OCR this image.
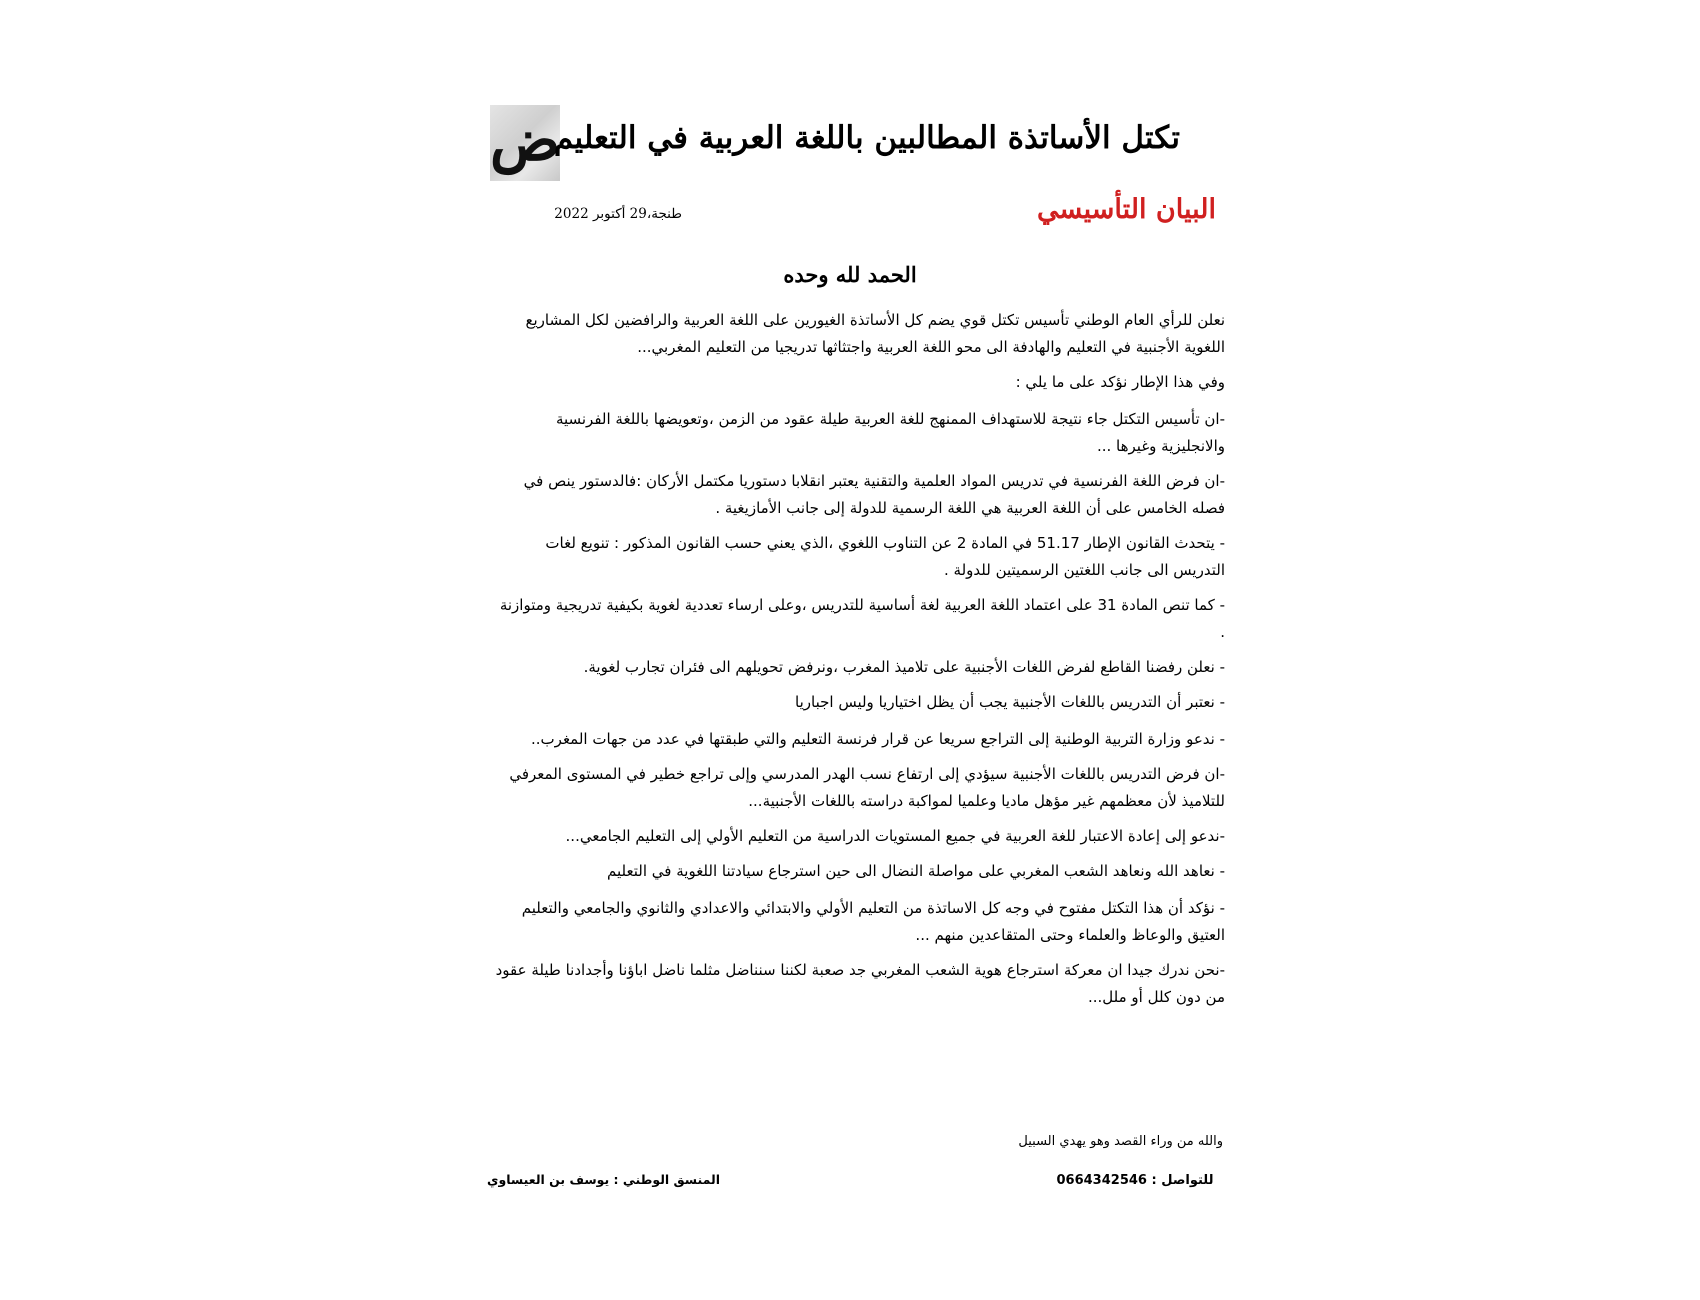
ض
تكتل الأساتذة المطالبين باللغة العربية في التعليم
البيان التأسيسي
طنجة،29 أكتوبر 2022
الحمد لله وحده

نعلن للرأي العام الوطني تأسيس تكتل قوي يضم كل الأساتذة الغيورين على اللغة العربية والرافضين لكل المشاريع اللغوية الأجنبية في التعليم والهادفة الى محو اللغة العربية واجتثاثها تدريجيا من التعليم المغربي...

وفي هذا الإطار نؤكد على ما يلي :

-ان تأسيس التكتل جاء نتيجة للاستهداف الممنهج للغة العربية طيلة عقود من الزمن ،وتعويضها باللغة الفرنسية والانجليزية وغيرها ...

-ان فرض اللغة الفرنسية في تدريس المواد العلمية والتقنية يعتبر انقلابا دستوريا مكتمل الأركان :فالدستور ينص في فصله الخامس على أن اللغة العربية هي اللغة الرسمية للدولة إلى جانب الأمازيغية .

- يتحدث القانون الإطار 51.17 في المادة 2 عن التناوب اللغوي ،الذي يعني حسب القانون المذكور : تنويع لغات التدريس الى جانب اللغتين الرسميتين للدولة .

- كما تنص المادة 31 على اعتماد اللغة العربية لغة أساسية للتدريس ،وعلى ارساء تعددية لغوية بكيفية تدريجية ومتوازنة .

- نعلن رفضنا القاطع لفرض اللغات الأجنبية على تلاميذ المغرب ،ونرفض تحويلهم الى فئران تجارب لغوية.

- نعتبر أن التدريس باللغات الأجنبية يجب أن يظل اختياريا وليس اجباريا

- ندعو وزارة التربية الوطنية إلى التراجع سريعا عن قرار فرنسة التعليم والتي طبقتها في عدد من جهات المغرب..

-ان فرض التدريس باللغات الأجنبية سيؤدي إلى ارتفاع نسب الهدر المدرسي وإلى تراجع خطير في المستوى المعرفي للتلاميذ لأن معظمهم غير مؤهل ماديا وعلميا لمواكبة دراسته باللغات الأجنبية...

-ندعو إلى إعادة الاعتبار للغة العربية في جميع المستويات الدراسية من التعليم الأولي إلى التعليم الجامعي...

- نعاهد الله ونعاهد الشعب المغربي على مواصلة النضال الى حين استرجاع سيادتنا اللغوية في التعليم

- نؤكد أن هذا التكتل مفتوح في وجه كل الاساتذة من التعليم الأولي والابتدائي والاعدادي والثانوي والجامعي والتعليم العتيق والوعاظ والعلماء وحتى المتقاعدين منهم ...

-نحن ندرك جيدا ان معركة استرجاع هوية الشعب المغربي جد صعبة لكننا سنناضل مثلما ناضل اباؤنا وأجدادنا طيلة عقود من دون كلل أو ملل...

والله من وراء القصد وهو يهدي السبيل
للتواصل : 0664342546
المنسق الوطني : يوسف بن العيساوي
